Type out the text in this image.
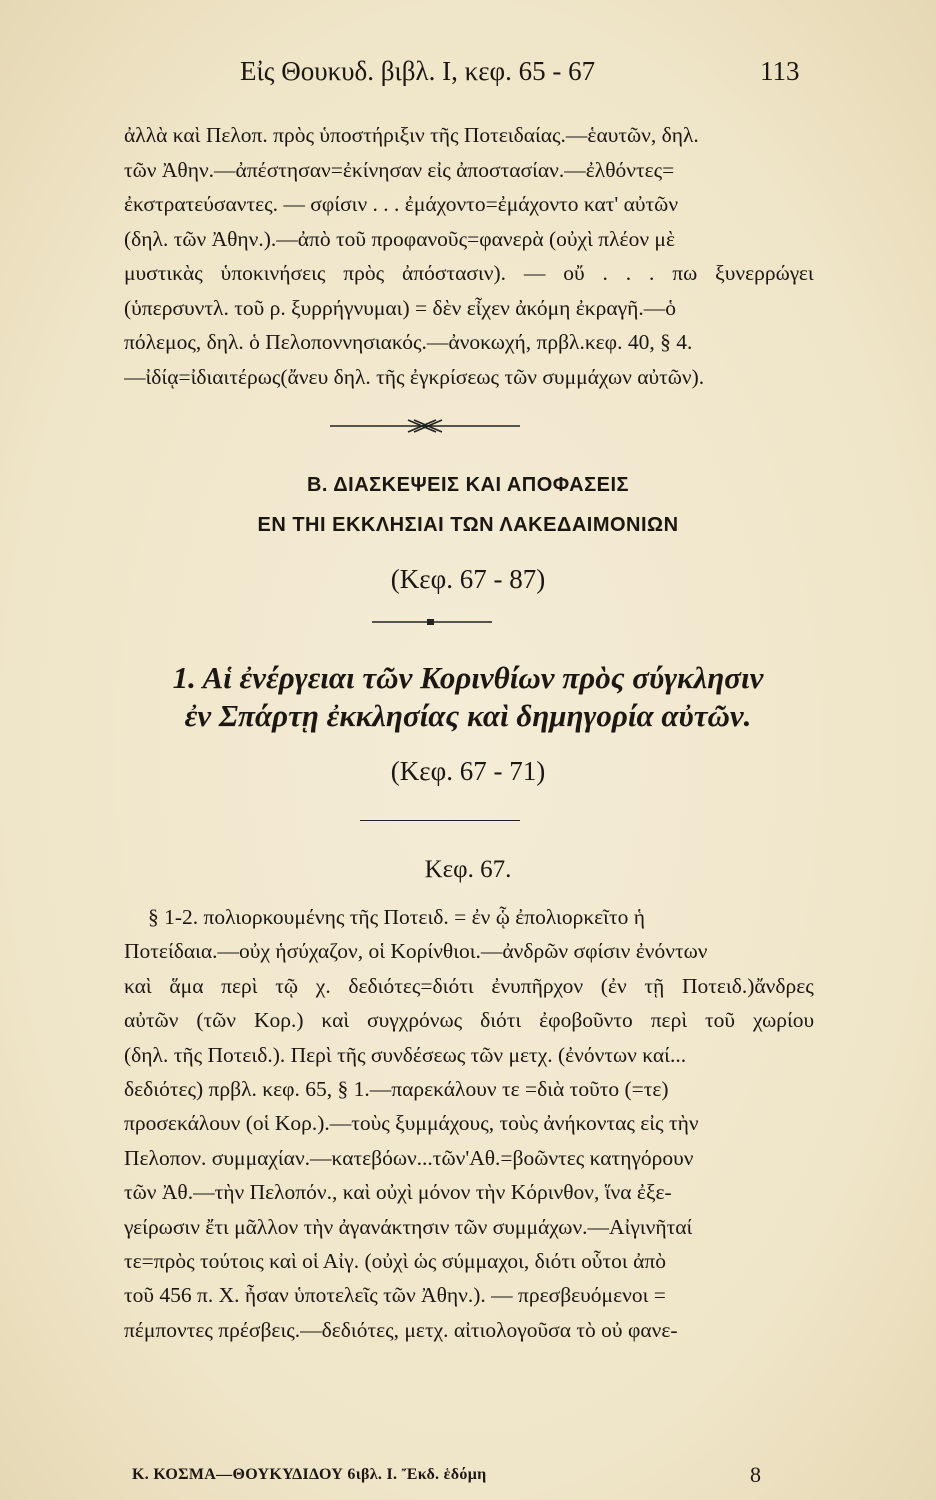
Εἰς Θουκυδ. βιβλ. I, κεφ. 65 - 67	113
ἀλλὰ καὶ Πελοπ. πρὸς ὑποστήριξιν τῆς Ποτειδαίας.—ἑαυτῶν, δηλ.
τῶν Ἀθην.—ἀπέστησαν=ἐκίνησαν εἰς ἀποστασίαν.—ἐλθόντες=
ἐκστρατεύσαντες. — σφίσιν . . . ἐμάχοντο=ἐμάχοντο κατ' αὐτῶν
(δηλ. τῶν Ἀθην.).—ἀπὸ τοῦ προφανοῦς=φανερὰ (οὐχὶ πλέον μὲ
μυστικὰς ὑποκινήσεις πρὸς ἀπόστασιν). — οὔ . . . πω ξυνερρώγει
(ὑπερσυντλ. τοῦ ρ. ξυρρήγνυμαι) = δὲν εἶχεν ἀκόμη ἐκραγῆ.—ὁ
πόλεμος, δηλ. ὁ Πελοποννησιακός.—ἀνοκωχή, πρβλ.κεφ. 40, § 4.
—ἰδίᾳ=ἰδιαιτέρως(ἄνευ δηλ. τῆς ἐγκρίσεως τῶν συμμάχων αὐτῶν).
Β. ΔΙΑΣΚΕΨΕΙΣ ΚΑΙ ΑΠΟΦΑΣΕΙΣ
ΕΝ ΤΗΙ ΕΚΚΛΗΣΙΑΙ ΤΩΝ ΛΑΚΕΔΑΙΜΟΝΙΩΝ
(Κεφ. 67 - 87)
1. Αἱ ἐνέργειαι τῶν Κορινθίων πρὸς σύγκλησιν
ἐν Σπάρτῃ ἐκκλησίας καὶ δημηγορία αὐτῶν.
(Κεφ. 67 - 71)
Κεφ. 67.
§ 1-2. πολιορκουμένης τῆς Ποτειδ. = ἐν ᾧ ἐπολιορκεῖτο ἡ
Ποτείδαια.—οὐχ ἡσύχαζον, οἱ Κορίνθιοι.—ἀνδρῶν σφίσιν ἐνόντων
καὶ ἅμα περὶ τῷ χ. δεδιότες=διότι ἐνυπῆρχον (ἐν τῇ Ποτειδ.)ἄνδρες
αὐτῶν (τῶν Κορ.) καὶ συγχρόνως διότι ἐφοβοῦντο περὶ τοῦ χωρίου
(δηλ. τῆς Ποτειδ.). Περὶ τῆς συνδέσεως τῶν μετχ. (ἐνόντων καί...
δεδιότες) πρβλ. κεφ. 65, § 1.—παρεκάλουν τε =διὰ τοῦτο (=τε)
προσεκάλουν (οἱ Κορ.).—τοὺς ξυμμάχους, τοὺς ἀνήκοντας εἰς τὴν
Πελοπον. συμμαχίαν.—κατεβόων...τῶν'Αθ.=βοῶντες κατηγόρουν
τῶν Ἀθ.—τὴν Πελοπόν., καὶ οὐχὶ μόνον τὴν Κόρινθον, ἵνα ἐξε-
γείρωσιν ἔτι μᾶλλον τὴν ἀγανάκτησιν τῶν συμμάχων.—Αἰγινῆταί
τε=πρὸς τούτοις καὶ οἱ Αἰγ. (οὐχὶ ὡς σύμμαχοι, διότι οὗτοι ἀπὸ
τοῦ 456 π. Χ. ἦσαν ὑποτελεῖς τῶν Ἀθην.). — πρεσβευόμενοι =
πέμποντες πρέσβεις.—δεδιότες, μετχ. αἰτιολογοῦσα τὸ οὐ φανε-
Κ. ΚΟΣΜΑ—ΘΟΥΚΥΔΙΔΟΥ 6ιβλ. Ι. Ἔκδ. ἑδόμη	8
